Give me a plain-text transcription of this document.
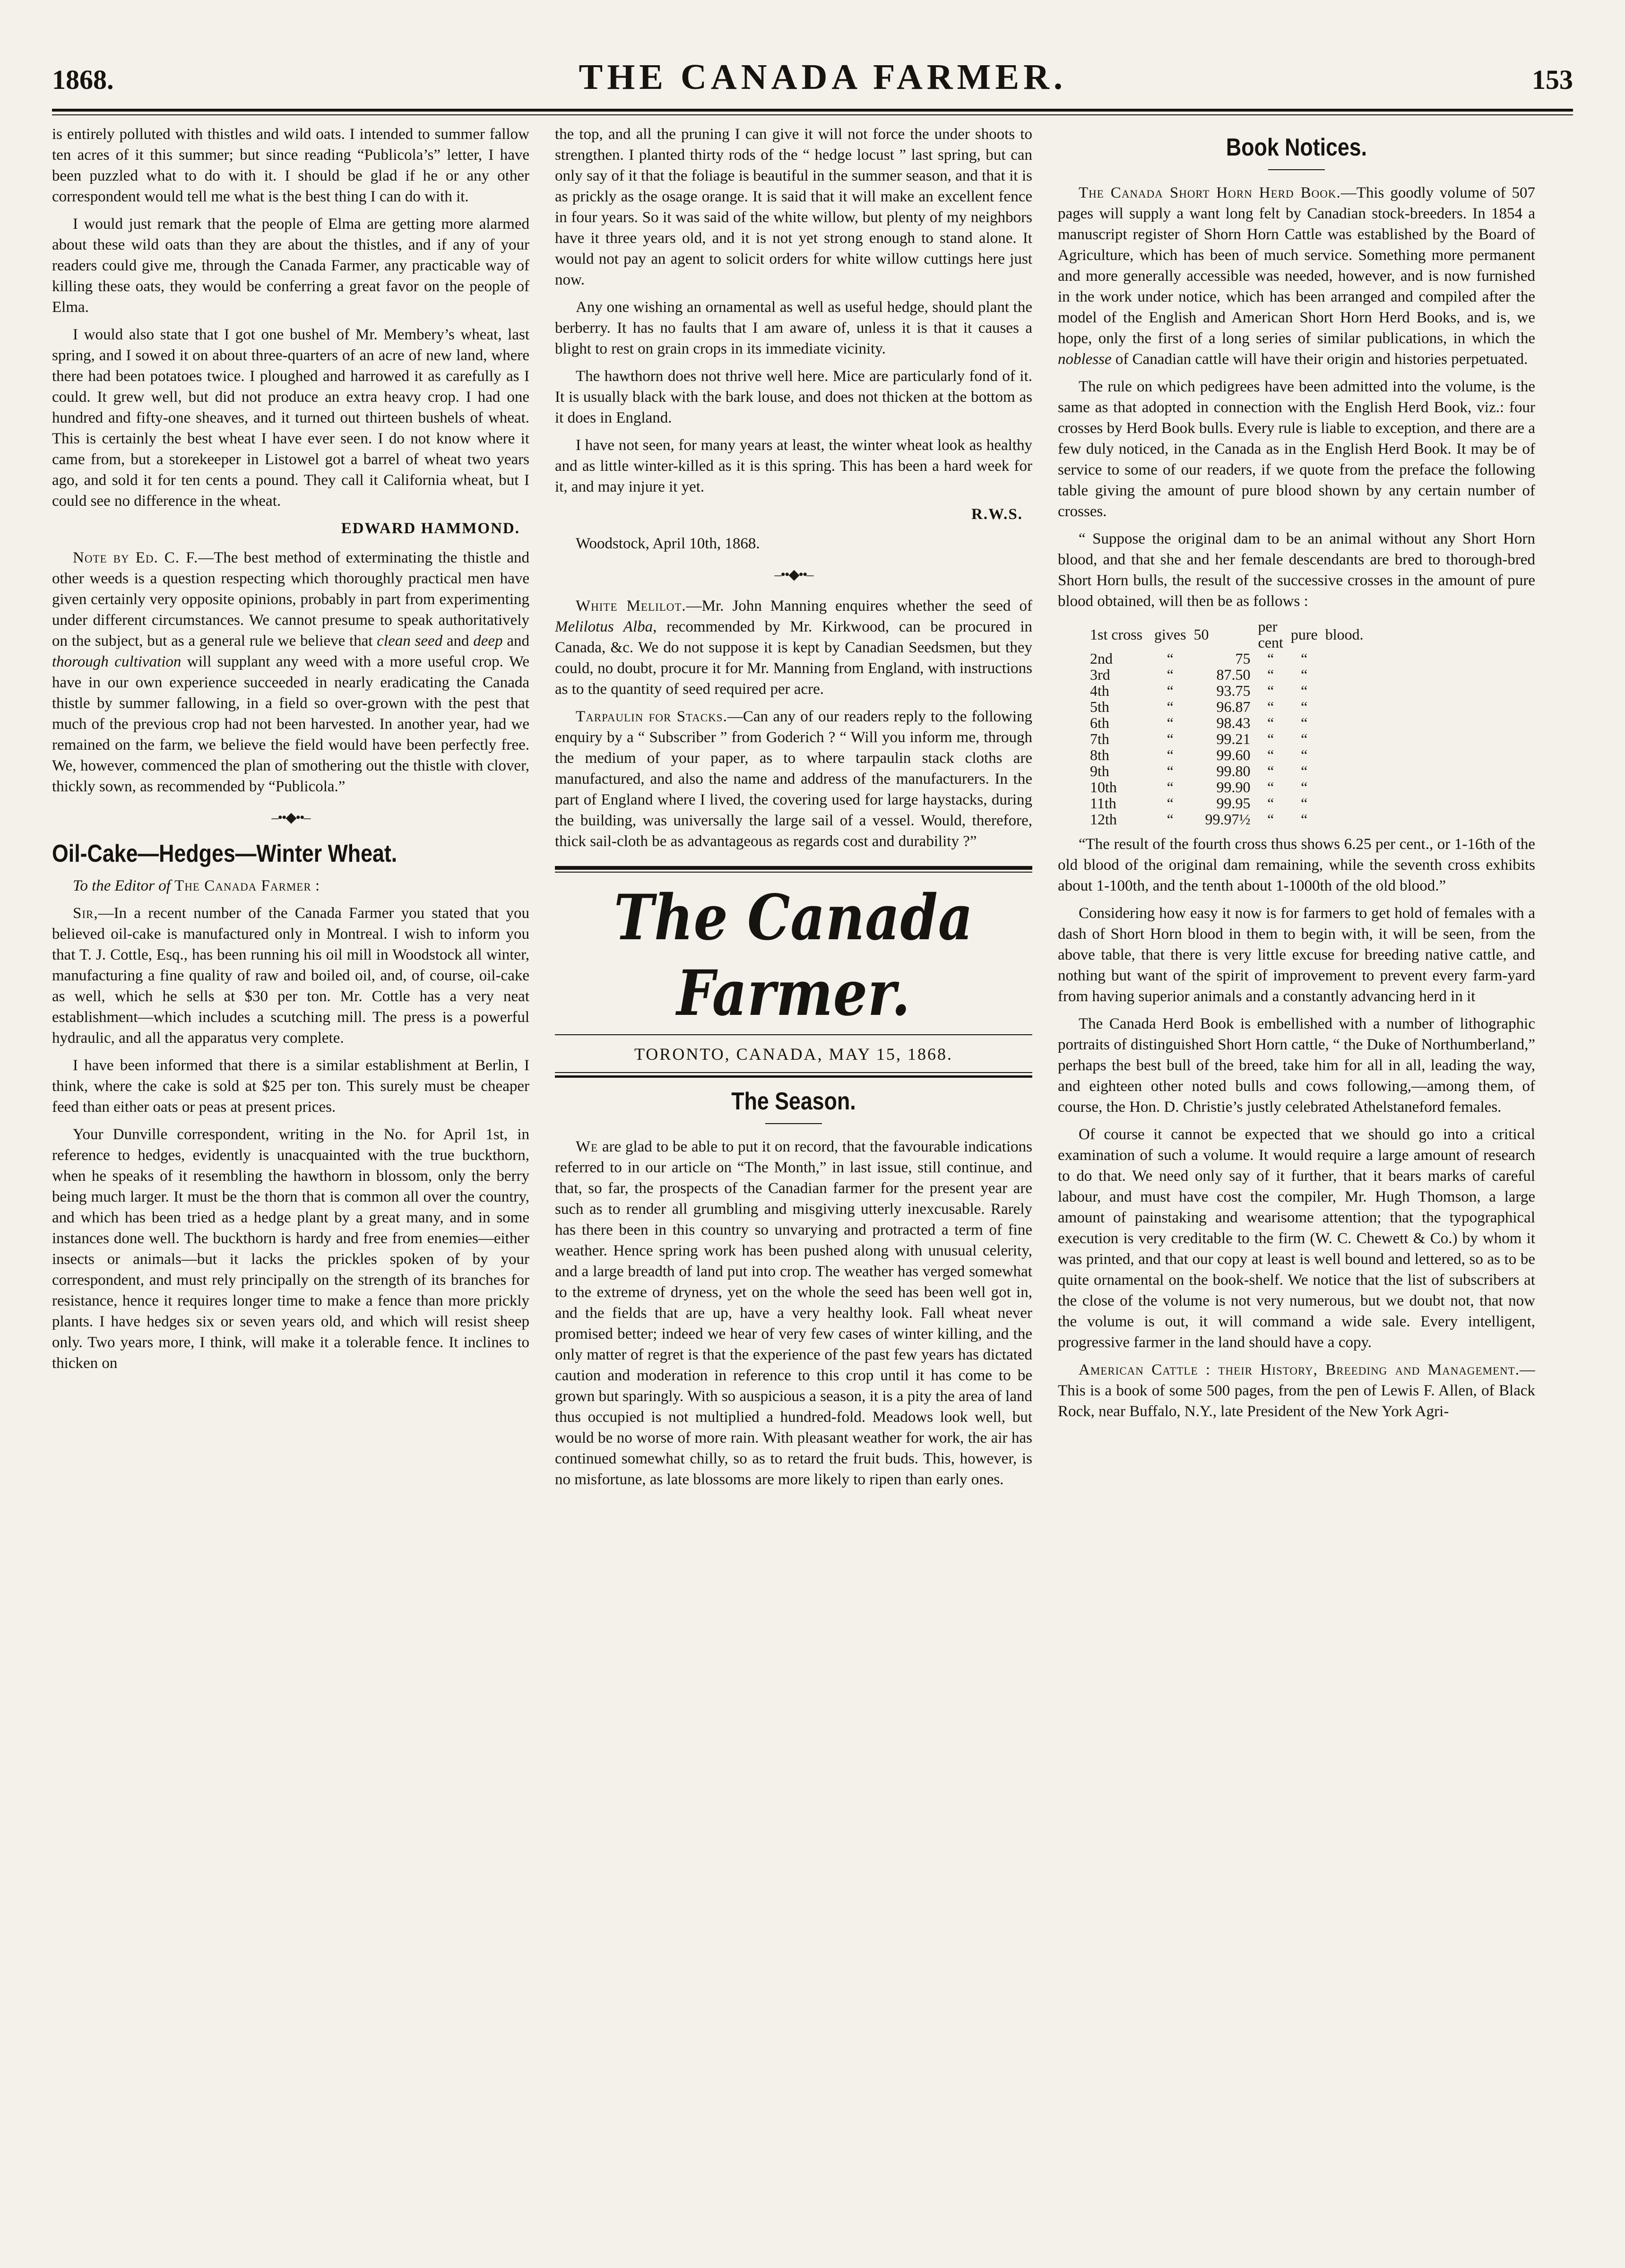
1868.	THE CANADA FARMER.	153

is entirely polluted with thistles and wild oats. I intended to summer fallow ten acres of it this summer; but since reading “Publicola’s” letter, I have been puzzled what to do with it. I should be glad if he or any other correspondent would tell me what is the best thing I can do with it.

I would just remark that the people of Elma are getting more alarmed about these wild oats than they are about the thistles, and if any of your readers could give me, through the Canada Farmer, any practicable way of killing these oats, they would be conferring a great favor on the people of Elma.

I would also state that I got one bushel of Mr. Membery’s wheat, last spring, and I sowed it on about three-quarters of an acre of new land, where there had been potatoes twice. I ploughed and harrowed it as carefully as I could. It grew well, but did not produce an extra heavy crop. I had one hundred and fifty-one sheaves, and it turned out thirteen bushels of wheat. This is certainly the best wheat I have ever seen. I do not know where it came from, but a storekeeper in Listowel got a barrel of wheat two years ago, and sold it for ten cents a pound. They call it California wheat, but I could see no difference in the wheat.

EDWARD HAMMOND.

Note by Ed. C. F.—The best method of exterminating the thistle and other weeds is a question respecting which thoroughly practical men have given certainly very opposite opinions, probably in part from experimenting under different circumstances. We cannot presume to speak authoritatively on the subject, but as a general rule we believe that clean seed and deep and thorough cultivation will supplant any weed with a more useful crop. We have in our own experience succeeded in nearly eradicating the Canada thistle by summer fallowing, in a field so over-grown with the pest that much of the previous crop had not been harvested. In another year, had we remained on the farm, we believe the field would have been perfectly free. We, however, commenced the plan of smothering out the thistle with clover, thickly sown, as recommended by “Publicola.”

–••◆••–
Oil-Cake—Hedges—Winter Wheat.

To the Editor of The Canada Farmer :

Sir,—In a recent number of the Canada Farmer you stated that you believed oil-cake is manufactured only in Montreal. I wish to inform you that T. J. Cottle, Esq., has been running his oil mill in Woodstock all winter, manufacturing a fine quality of raw and boiled oil, and, of course, oil-cake as well, which he sells at $30 per ton. Mr. Cottle has a very neat establishment—which includes a scutching mill. The press is a powerful hydraulic, and all the apparatus very complete.

I have been informed that there is a similar establishment at Berlin, I think, where the cake is sold at $25 per ton. This surely must be cheaper feed than either oats or peas at present prices.

Your Dunville correspondent, writing in the No. for April 1st, in reference to hedges, evidently is unacquainted with the true buckthorn, when he speaks of it resembling the hawthorn in blossom, only the berry being much larger. It must be the thorn that is common all over the country, and which has been tried as a hedge plant by a great many, and in some instances done well. The buckthorn is hardy and free from enemies—either insects or animals—but it lacks the prickles spoken of by your correspondent, and must rely principally on the strength of its branches for resistance, hence it requires longer time to make a fence than more prickly plants. I have hedges six or seven years old, and which will resist sheep only. Two years more, I think, will make it a tolerable fence. It inclines to thicken on

the top, and all the pruning I can give it will not force the under shoots to strengthen. I planted thirty rods of the “ hedge locust ” last spring, but can only say of it that the foliage is beautiful in the summer season, and that it is as prickly as the osage orange. It is said that it will make an excellent fence in four years. So it was said of the white willow, but plenty of my neighbors have it three years old, and it is not yet strong enough to stand alone. It would not pay an agent to solicit orders for white willow cuttings here just now.

Any one wishing an ornamental as well as useful hedge, should plant the berberry. It has no faults that I am aware of, unless it is that it causes a blight to rest on grain crops in its immediate vicinity.

The hawthorn does not thrive well here. Mice are particularly fond of it. It is usually black with the bark louse, and does not thicken at the bottom as it does in England.

I have not seen, for many years at least, the winter wheat look as healthy and as little winter-killed as it is this spring. This has been a hard week for it, and may injure it yet.

R.W.S.
Woodstock, April 10th, 1868.
–••◆••–

White Melilot.—Mr. John Manning enquires whether the seed of Melilotus Alba, recommended by Mr. Kirkwood, can be procured in Canada, &c. We do not suppose it is kept by Canadian Seedsmen, but they could, no doubt, procure it for Mr. Manning from England, with instructions as to the quantity of seed required per acre.

Tarpaulin for Stacks.—Can any of our readers reply to the following enquiry by a “ Subscriber ” from Goderich ? “ Will you inform me, through the medium of your paper, as to where tarpaulin stack cloths are manufactured, and also the name and address of the manufacturers. In the part of England where I lived, the covering used for large haystacks, during the building, was universally the large sail of a vessel. Would, therefore, thick sail-cloth be as advantageous as regards cost and durability ?”

The Canada Farmer.
TORONTO, CANADA, MAY 15, 1868.
The Season.

We are glad to be able to put it on record, that the favourable indications referred to in our article on “The Month,” in last issue, still continue, and that, so far, the prospects of the Canadian farmer for the present year are such as to render all grumbling and misgiving utterly inexcusable. Rarely has there been in this country so unvarying and protracted a term of fine weather. Hence spring work has been pushed along with unusual celerity, and a large breadth of land put into crop. The weather has verged somewhat to the extreme of dryness, yet on the whole the seed has been well got in, and the fields that are up, have a very healthy look. Fall wheat never promised better; indeed we hear of very few cases of winter killing, and the only matter of regret is that the experience of the past few years has dictated caution and moderation in reference to this crop until it has come to be grown but sparingly. With so auspicious a season, it is a pity the area of land thus occupied is not multiplied a hundred-fold. Meadows look well, but would be no worse of more rain. With pleasant weather for work, the air has continued somewhat chilly, so as to retard the fruit buds. This, however, is no misfortune, as late blossoms are more likely to ripen than early ones.

Book Notices.

The Canada Short Horn Herd Book.—This goodly volume of 507 pages will supply a want long felt by Canadian stock-breeders. In 1854 a manuscript register of Shorn Horn Cattle was established by the Board of Agriculture, which has been of much service. Something more permanent and more generally accessible was needed, however, and is now furnished in the work under notice, which has been arranged and compiled after the model of the English and American Short Horn Herd Books, and is, we hope, only the first of a long series of similar publications, in which the noblesse of Canadian cattle will have their origin and histories perpetuated.

The rule on which pedigrees have been admitted into the volume, is the same as that adopted in connection with the English Herd Book, viz.: four crosses by Herd Book bulls. Every rule is liable to exception, and there are a few duly noticed, in the Canada as in the English Herd Book. It may be of service to some of our readers, if we quote from the preface the following table giving the amount of pure blood shown by any certain number of crosses.

“ Suppose the original dam to be an animal without any Short Horn blood, and that she and her female descendants are bred to thorough-bred Short Horn bulls, the result of the successive crosses in the amount of pure blood obtained, will then be as follows :

1st cross	gives	50	per cent	pure	blood.
2nd	“	75	“	“	
3rd	“	87.50	“	“	
4th	“	93.75	“	“	
5th	“	96.87	“	“	
6th	“	98.43	“	“	
7th	“	99.21	“	“	
8th	“	99.60	“	“	
9th	“	99.80	“	“	
10th	“	99.90	“	“	
11th	“	99.95	“	“	
12th	“	99.97½	“	“	

“The result of the fourth cross thus shows 6.25 per cent., or 1-16th of the old blood of the original dam remaining, while the seventh cross exhibits about 1-100th, and the tenth about 1-1000th of the old blood.”

Considering how easy it now is for farmers to get hold of females with a dash of Short Horn blood in them to begin with, it will be seen, from the above table, that there is very little excuse for breeding native cattle, and nothing but want of the spirit of improvement to prevent every farm-yard from having superior animals and a constantly advancing herd in it

The Canada Herd Book is embellished with a number of lithographic portraits of distinguished Short Horn cattle, “ the Duke of Northumberland,” perhaps the best bull of the breed, take him for all in all, leading the way, and eighteen other noted bulls and cows following,—among them, of course, the Hon. D. Christie’s justly celebrated Athelstaneford females.

Of course it cannot be expected that we should go into a critical examination of such a volume. It would require a large amount of research to do that. We need only say of it further, that it bears marks of careful labour, and must have cost the compiler, Mr. Hugh Thomson, a large amount of painstaking and wearisome attention; that the typographical execution is very creditable to the firm (W. C. Chewett & Co.) by whom it was printed, and that our copy at least is well bound and lettered, so as to be quite ornamental on the book-shelf. We notice that the list of subscribers at the close of the volume is not very numerous, but we doubt not, that now the volume is out, it will command a wide sale. Every intelligent, progressive farmer in the land should have a copy.

American Cattle : their History, Breeding and Management.—This is a book of some 500 pages, from the pen of Lewis F. Allen, of Black Rock, near Buffalo, N.Y., late President of the New York Agri-
